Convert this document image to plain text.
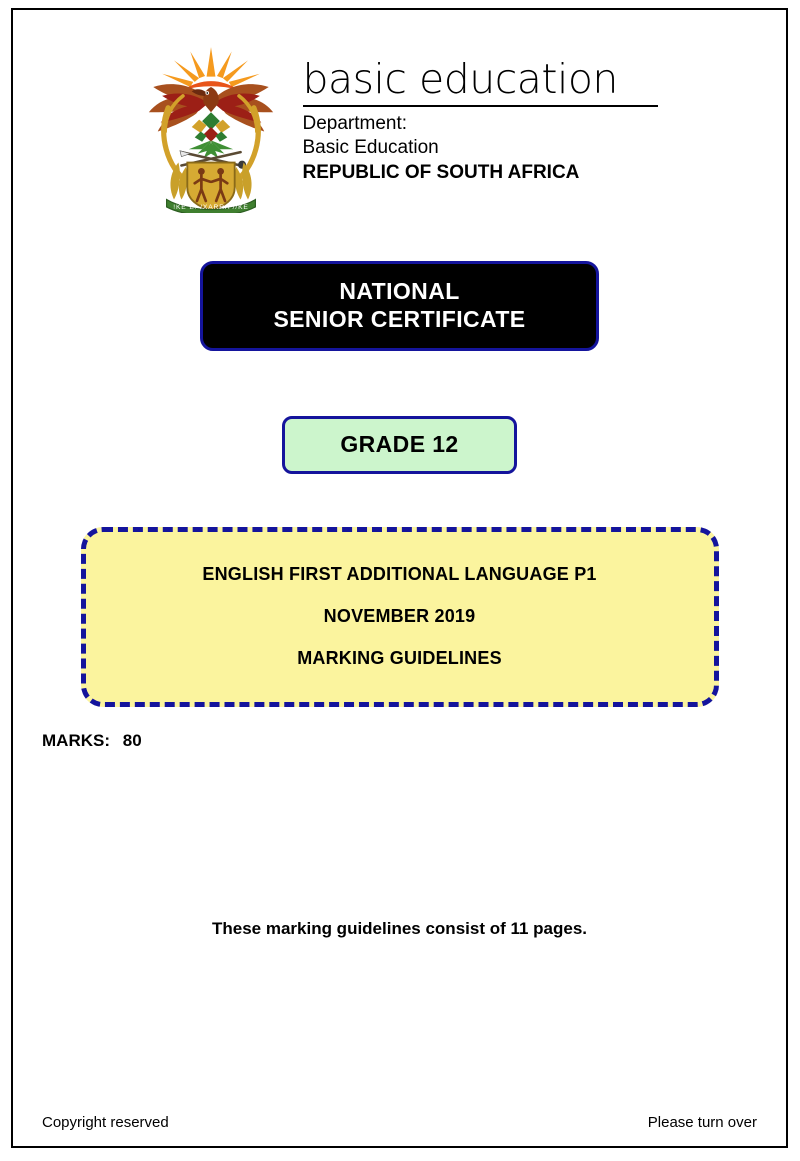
!KE E: /XARRA //KE
basic education
Department:
Basic Education
REPUBLIC OF SOUTH AFRICA
NATIONAL
SENIOR CERTIFICATE
GRADE 12
ENGLISH FIRST ADDITIONAL LANGUAGE P1
NOVEMBER 2019
MARKING GUIDELINES
MARKS: 80
These marking guidelines consist of 11 pages.
Copyright reserved	Please turn over
